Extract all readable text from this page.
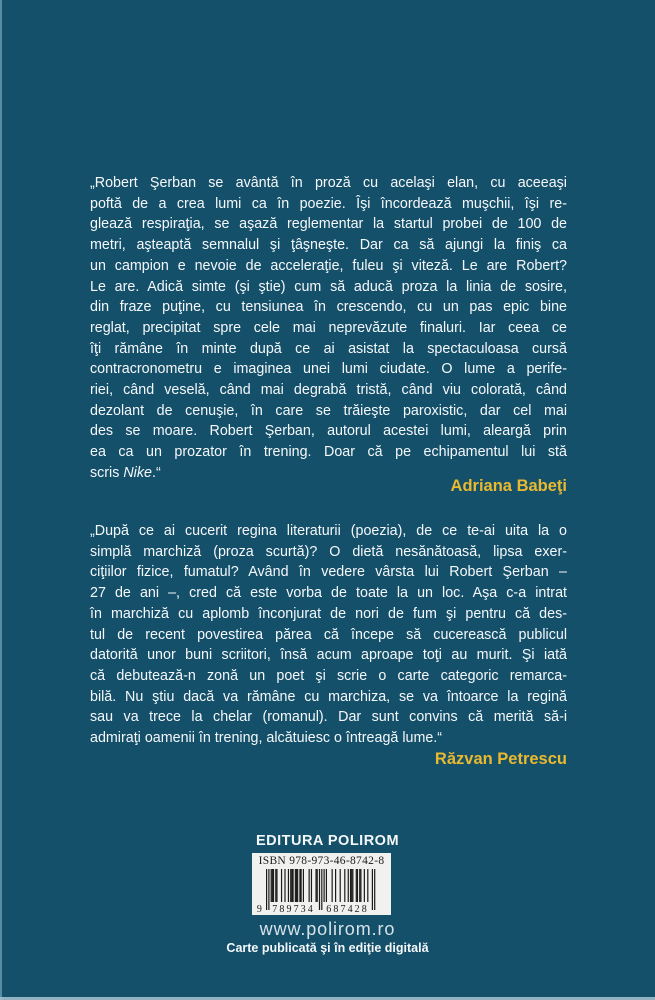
„Robert Şerban se avântă în proză cu acelaşi elan, cu aceeaşi
poftă de a crea lumi ca în poezie. Îşi încordează muşchii, îşi re-
glează respiraţia, se aşază reglementar la startul probei de 100 de
metri, aşteaptă semnalul şi ţâşneşte. Dar ca să ajungi la finiş ca
un campion e nevoie de acceleraţie, fuleu şi viteză. Le are Robert?
Le are. Adică simte (şi ştie) cum să aducă proza la linia de sosire,
din fraze puţine, cu tensiunea în crescendo, cu un pas epic bine
reglat, precipitat spre cele mai neprevăzute finaluri. Iar ceea ce
îţi rămâne în minte după ce ai asistat la spectaculoasa cursă
contracronometru e imaginea unei lumi ciudate. O lume a perife-
riei, când veselă, când mai degrabă tristă, când viu colorată, când
dezolant de cenuşie, în care se trăieşte paroxistic, dar cel mai
des se moare. Robert Şerban, autorul acestei lumi, aleargă prin
ea ca un prozator în trening. Doar că pe echipamentul lui stă
scris Nike.“
Adriana Babeţi
„După ce ai cucerit regina literaturii (poezia), de ce te-ai uita la o
simplă marchiză (proza scurtă)? O dietă nesănătoasă, lipsa exer-
ciţiilor fizice, fumatul? Având în vedere vârsta lui Robert Şerban –
27 de ani –, cred că este vorba de toate la un loc. Aşa c-a intrat
în marchiză cu aplomb înconjurat de nori de fum şi pentru că des-
tul de recent povestirea părea că începe să cucerească publicul
datorită unor buni scriitori, însă acum aproape toţi au murit. Şi iată
că debutează-n zonă un poet şi scrie o carte categoric remarca-
bilă. Nu ştiu dacă va rămâne cu marchiza, se va întoarce la regină
sau va trece la chelar (romanul). Dar sunt convins că merită să-i
admiraţi oamenii în trening, alcătuiesc o întreagă lume.“
Răzvan Petrescu
EDITURA POLIROM
ISBN 978-973-46-8742-8
9 789734 687428
www.polirom.ro
Carte publicată şi în ediţie digitală
